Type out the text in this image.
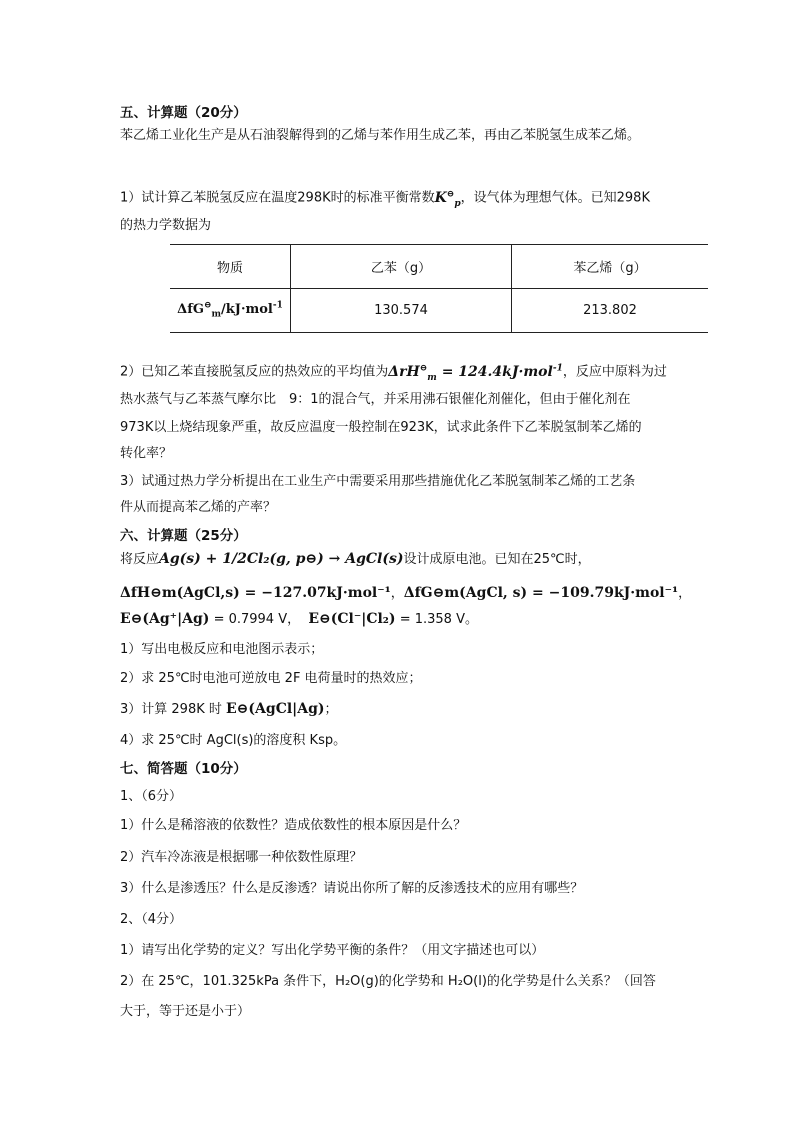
五、计算题（20分）
苯乙烯工业化生产是从石油裂解得到的乙烯与苯作用生成乙苯，再由乙苯脱氢生成苯乙烯。
1）试计算乙苯脱氢反应在温度298K时的标准平衡常数$K^⊖_p$，设气体为理想气体。已知298K
的热力学数据为
物质	乙苯（g）	苯乙烯（g）
ΔfG⊖$_m$/kJ·mol$^{-1}$	130.574	213.802
2）已知乙苯直接脱氢反应的热效应的平均值为ΔrH⊖$_m$ = 124.4kJ·mol$^{-1}$，反应中原料为过
热水蒸气与乙苯蒸气摩尔比　9：1的混合气，并采用沸石银催化剂催化，但由于催化剂在
973K以上烧结现象严重，故反应温度一般控制在923K，试求此条件下乙苯脱氢制苯乙烯的
转化率？
3）试通过热力学分析提出在工业生产中需要采用那些措施优化乙苯脱氢制苯乙烯的工艺条
件从而提高苯乙烯的产率？
六、计算题（25分）
将反应Ag(s) + 1/2Cl₂(g, p⊖) → AgCl(s)设计成原电池。已知在25℃时，
ΔfH⊖m(AgCl,s) = −127.07kJ·mol⁻¹，ΔfG⊖m(AgCl, s) = −109.79kJ·mol⁻¹，
E⊖(Ag⁺|Ag) = 0.7994 V， E⊖(Cl⁻|Cl₂) = 1.358 V。
1）写出电极反应和电池图示表示；
2）求 25℃时电池可逆放电 2F 电荷量时的热效应；
3）计算 298K 时 E⊖(AgCl|Ag)；
4）求 25℃时 AgCl(s)的溶度积 Ksp。
七、简答题（10分）
1、（6分）
1）什么是稀溶液的依数性？造成依数性的根本原因是什么？
2）汽车冷冻液是根据哪一种依数性原理？
3）什么是渗透压？什么是反渗透？请说出你所了解的反渗透技术的应用有哪些？
2、（4分）
1）请写出化学势的定义？写出化学势平衡的条件？（用文字描述也可以）
2）在 25℃，101.325kPa 条件下，H₂O(g)的化学势和 H₂O(l)的化学势是什么关系？（回答
大于，等于还是小于）
